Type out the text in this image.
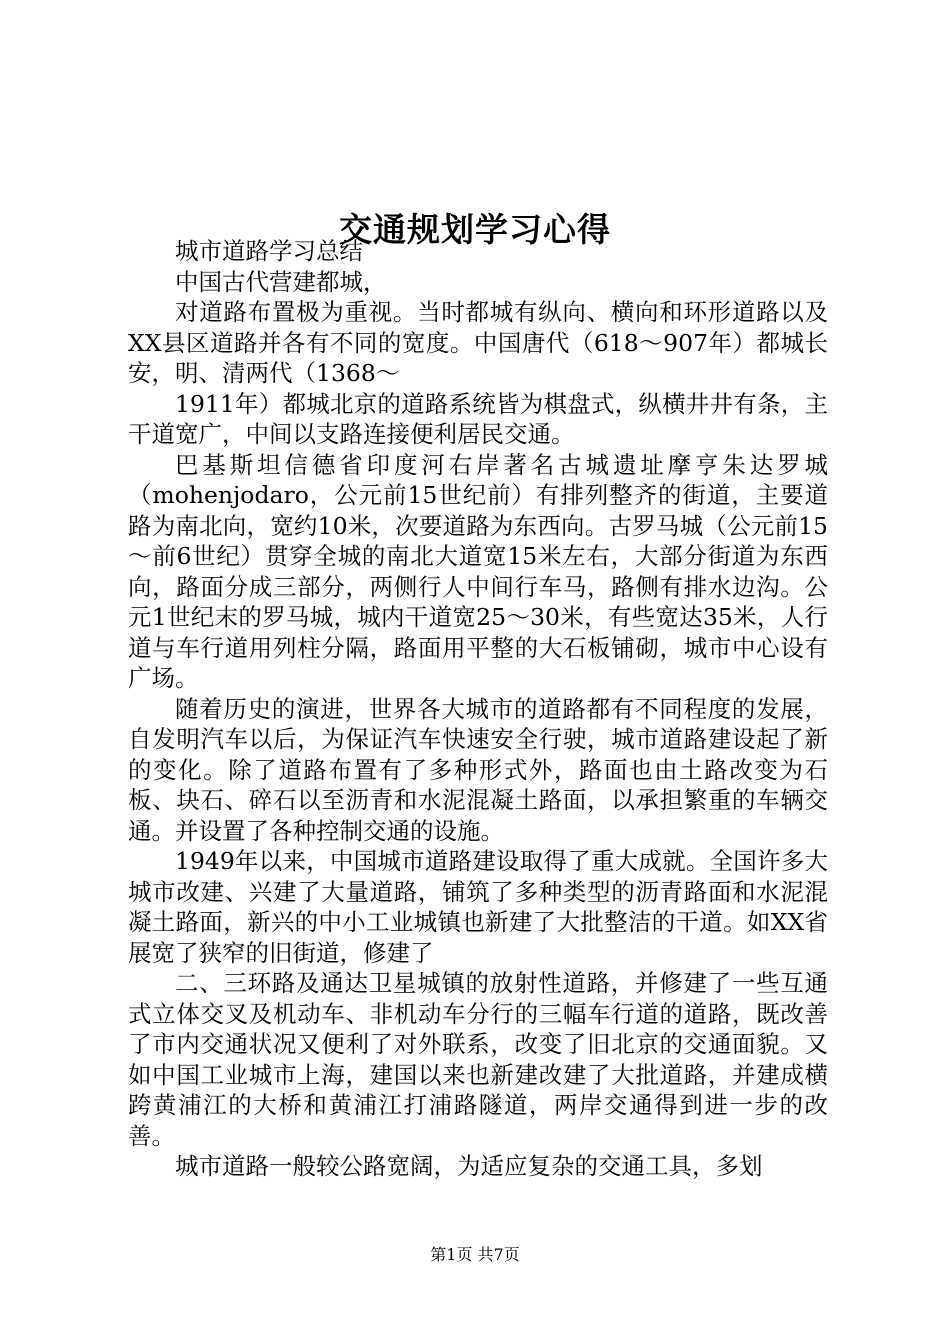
交通规划学习心得

城市道路学习总结

中国古代营建都城，

对道路布置极为重视。当时都城有纵向、横向和环形道路以及XX县区道路并各有不同的宽度。中国唐代（618～907年）都城长安，明、清两代（1368～

1911年）都城北京的道路系统皆为棋盘式，纵横井井有条，主干道宽广，中间以支路连接便利居民交通。

巴基斯坦信德省印度河右岸著名古城遗址摩亨朱达罗城（mohenjodaro，公元前15世纪前）有排列整齐的街道，主要道路为南北向，宽约10米，次要道路为东西向。古罗马城（公元前15～前6世纪）贯穿全城的南北大道宽15米左右，大部分街道为东西向，路面分成三部分，两侧行人中间行车马，路侧有排水边沟。公元1世纪末的罗马城，城内干道宽25～30米，有些宽达35米，人行道与车行道用列柱分隔，路面用平整的大石板铺砌，城市中心设有广场。

随着历史的演进，世界各大城市的道路都有不同程度的发展，自发明汽车以后，为保证汽车快速安全行驶，城市道路建设起了新的变化。除了道路布置有了多种形式外，路面也由土路改变为石板、块石、碎石以至沥青和水泥混凝土路面，以承担繁重的车辆交通。并设置了各种控制交通的设施。

1949年以来，中国城市道路建设取得了重大成就。全国许多大城市改建、兴建了大量道路，铺筑了多种类型的沥青路面和水泥混凝土路面，新兴的中小工业城镇也新建了大批整洁的干道。如XX省展宽了狭窄的旧街道，修建了

二、三环路及通达卫星城镇的放射性道路，并修建了一些互通式立体交叉及机动车、非机动车分行的三幅车行道的道路，既改善了市内交通状况又便利了对外联系，改变了旧北京的交通面貌。又如中国工业城市上海，建国以来也新建改建了大批道路，并建成横跨黄浦江的大桥和黄浦江打浦路隧道，两岸交通得到进一步的改善。

城市道路一般较公路宽阔，为适应复杂的交通工具，多划

第1页 共7页
